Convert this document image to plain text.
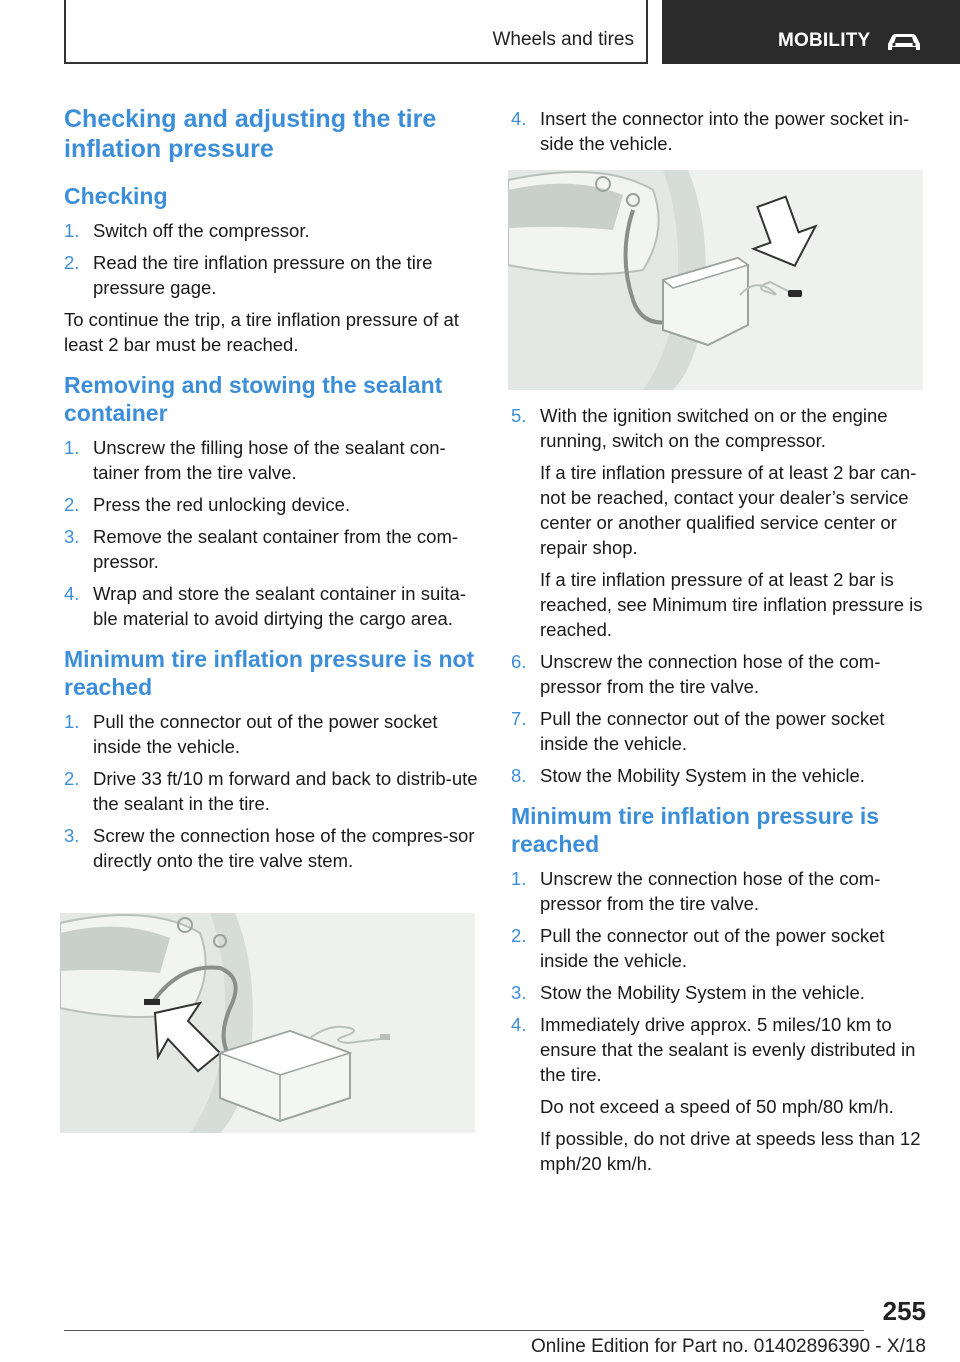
Wheels and tires	MOBILITY
Checking and adjusting the tire inflation pressure
Checking
1. Switch off the compressor.
2. Read the tire inflation pressure on the tire pressure gage.

To continue the trip, a tire inflation pressure of at least 2 bar must be reached.

Removing and stowing the sealant container
1. Unscrew the filling hose of the sealant con‐tainer from the tire valve.
2. Press the red unlocking device.
3. Remove the sealant container from the com‐pressor.
4. Wrap and store the sealant container in suita‐ble material to avoid dirtying the cargo area.
Minimum tire inflation pressure is not reached
1. Pull the connector out of the power socket inside the vehicle.
2. Drive 33 ft/10 m forward and back to distrib‐ute the sealant in the tire.
3. Screw the connection hose of the compres‐sor directly onto the tire valve stem.
4. Insert the connector into the power socket in‐side the vehicle.
5. With the ignition switched on or the engine running, switch on the compressor.
If a tire inflation pressure of at least 2 bar can‐not be reached, contact your dealer’s service center or another qualified service center or repair shop.
If a tire inflation pressure of at least 2 bar is reached, see Minimum tire inflation pressure is reached.
6. Unscrew the connection hose of the com‐pressor from the tire valve.
7. Pull the connector out of the power socket inside the vehicle.
8. Stow the Mobility System in the vehicle.
Minimum tire inflation pressure is reached
1. Unscrew the connection hose of the com‐pressor from the tire valve.
2. Pull the connector out of the power socket inside the vehicle.
3. Stow the Mobility System in the vehicle.
4. Immediately drive approx. 5 miles/10 km to ensure that the sealant is evenly distributed in the tire.
Do not exceed a speed of 50 mph/80 km/h.
If possible, do not drive at speeds less than 12 mph/20 km/h.
255
Online Edition for Part no. 01402896390 - X/18
